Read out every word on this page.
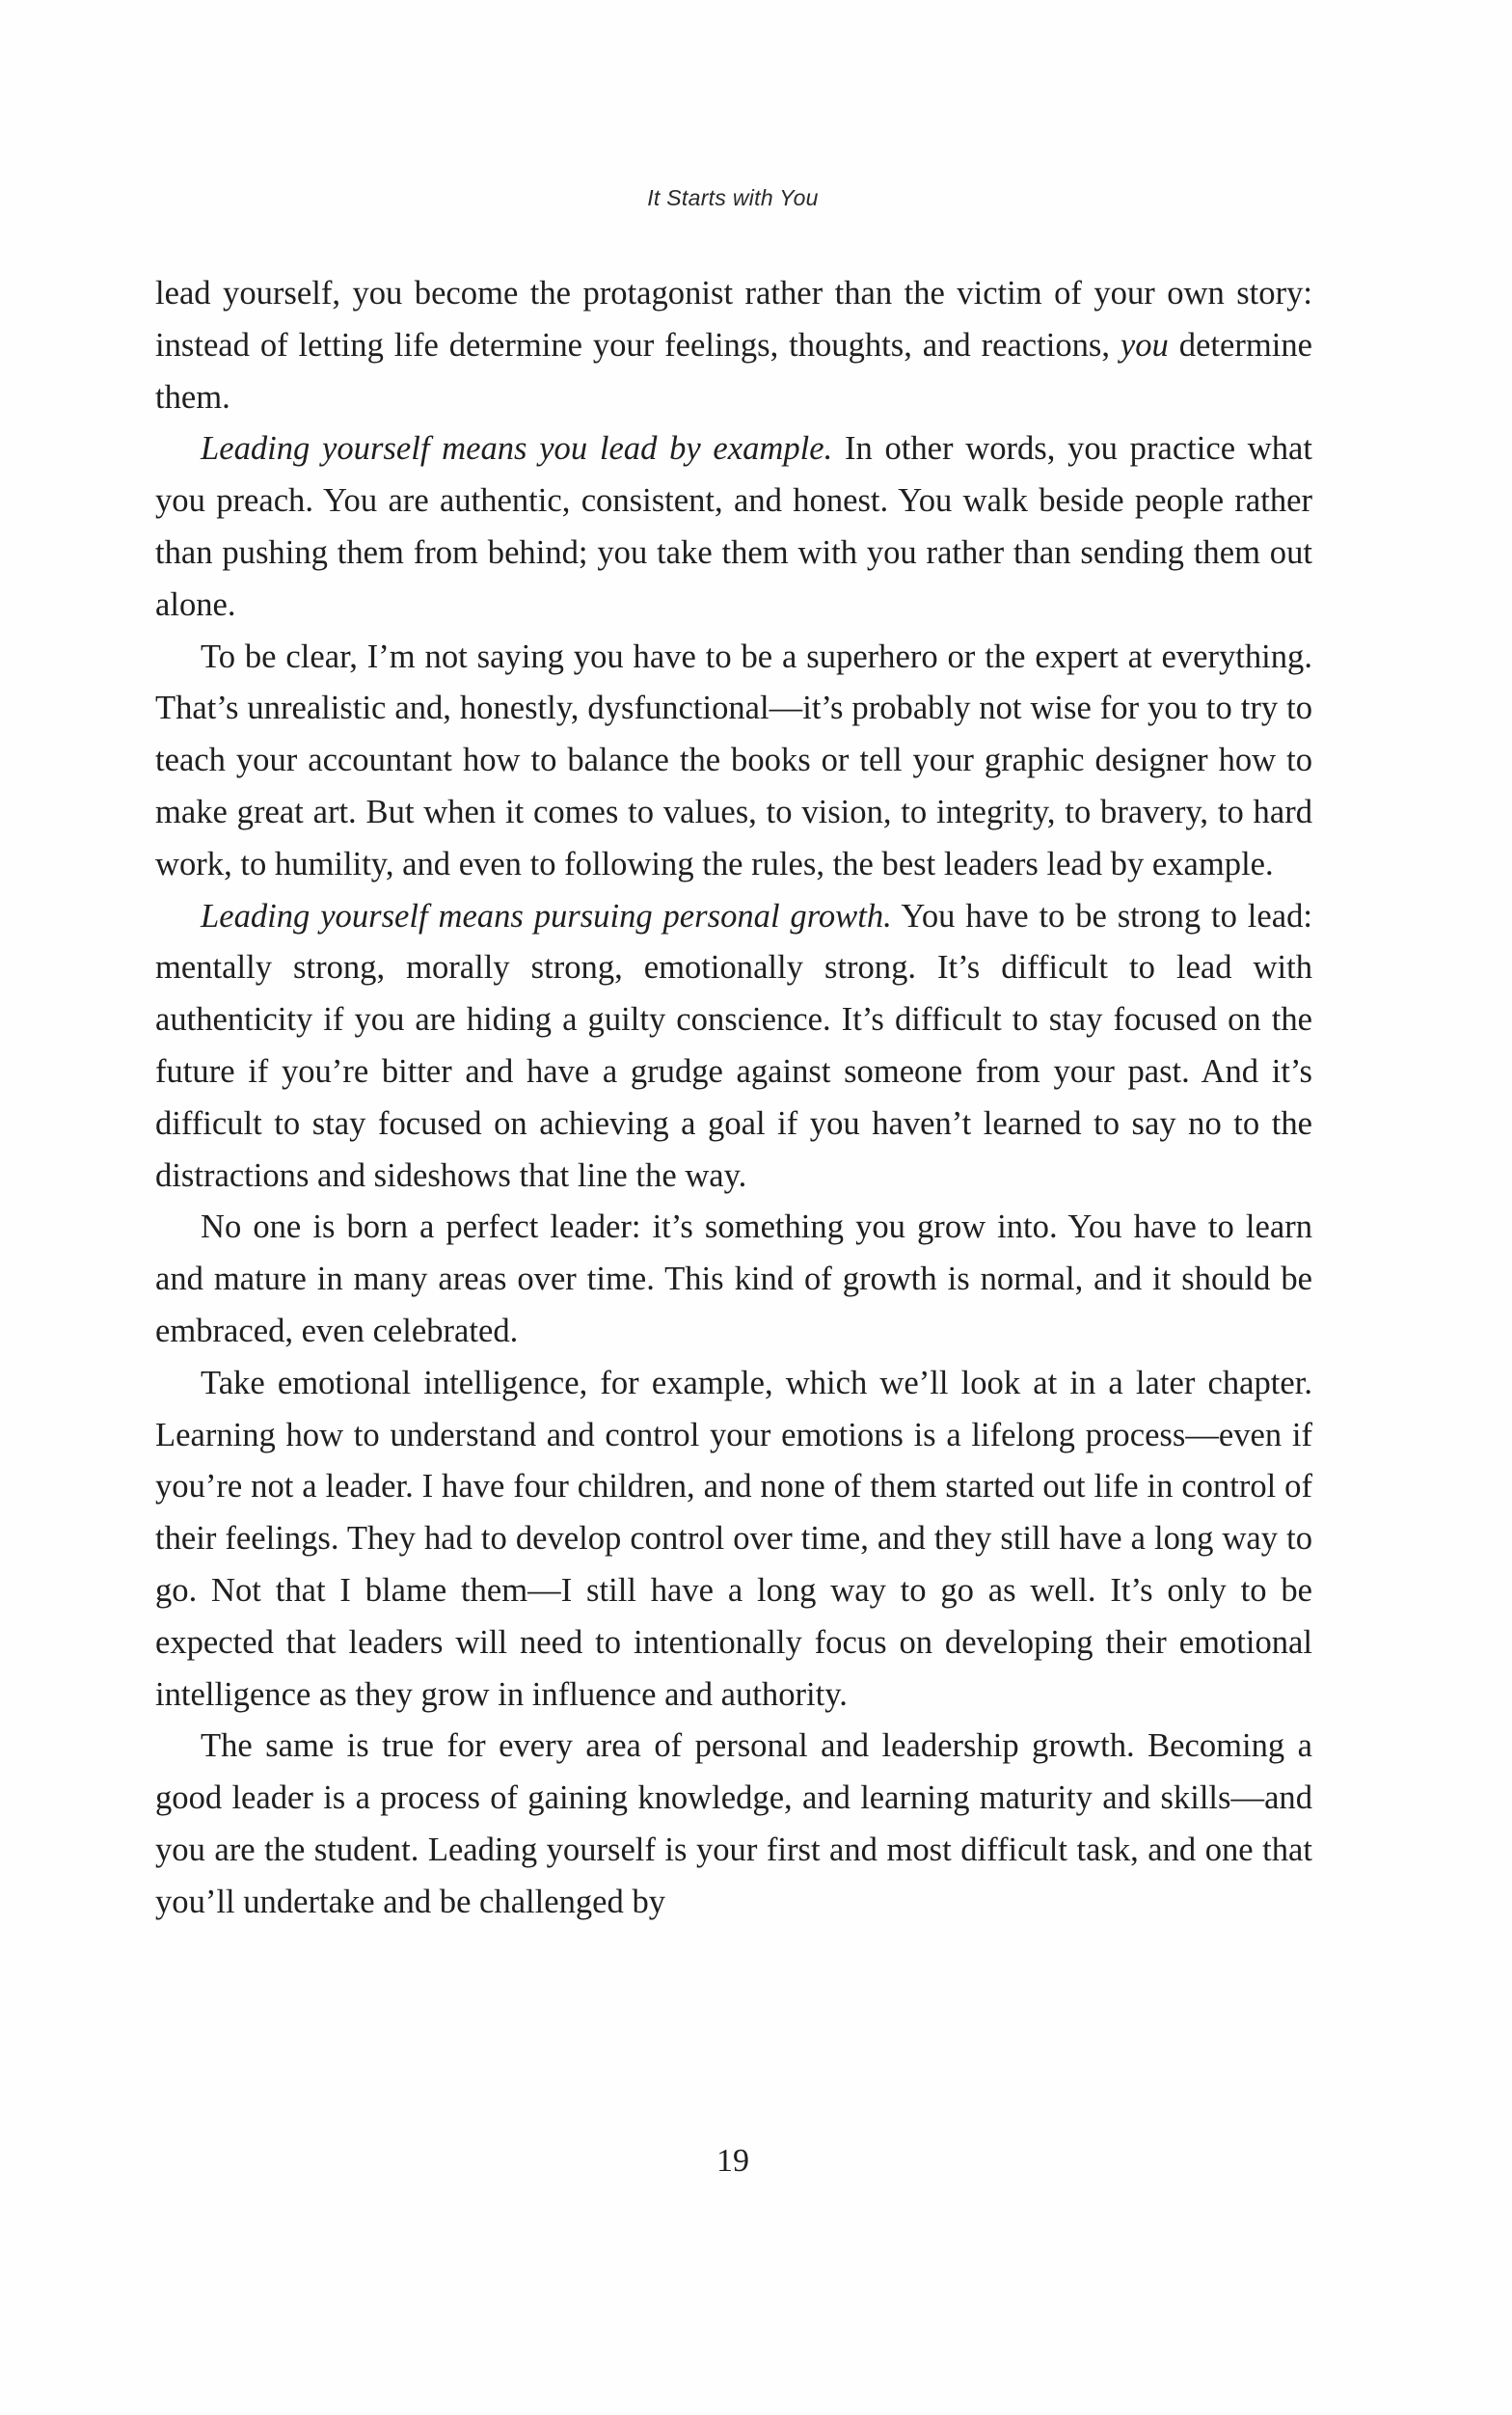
It Starts with You

lead yourself, you become the protagonist rather than the victim of your own story: instead of letting life determine your feelings, thoughts, and reactions, you determine them.

Leading yourself means you lead by example. In other words, you practice what you preach. You are authentic, consistent, and honest. You walk beside people rather than pushing them from behind; you take them with you rather than sending them out alone.

To be clear, I’m not saying you have to be a superhero or the expert at everything. That’s unrealistic and, honestly, dysfunctional—it’s probably not wise for you to try to teach your accountant how to balance the books or tell your graphic designer how to make great art. But when it comes to values, to vision, to integrity, to bravery, to hard work, to humility, and even to following the rules, the best leaders lead by example.

Leading yourself means pursuing personal growth. You have to be strong to lead: mentally strong, morally strong, emotionally strong. It’s difficult to lead with authenticity if you are hiding a guilty conscience. It’s difficult to stay focused on the future if you’re bitter and have a grudge against someone from your past. And it’s difficult to stay focused on achieving a goal if you haven’t learned to say no to the distractions and sideshows that line the way.

No one is born a perfect leader: it’s something you grow into. You have to learn and mature in many areas over time. This kind of growth is normal, and it should be embraced, even celebrated.

Take emotional intelligence, for example, which we’ll look at in a later chapter. Learning how to understand and control your emotions is a lifelong process—even if you’re not a leader. I have four children, and none of them started out life in control of their feelings. They had to develop control over time, and they still have a long way to go. Not that I blame them—I still have a long way to go as well. It’s only to be expected that leaders will need to intentionally focus on developing their emotional intelligence as they grow in influence and authority.

The same is true for every area of personal and leadership growth. Becoming a good leader is a process of gaining knowledge, and learning maturity and skills—and you are the student. Leading yourself is your first and most difficult task, and one that you’ll undertake and be challenged by

19
